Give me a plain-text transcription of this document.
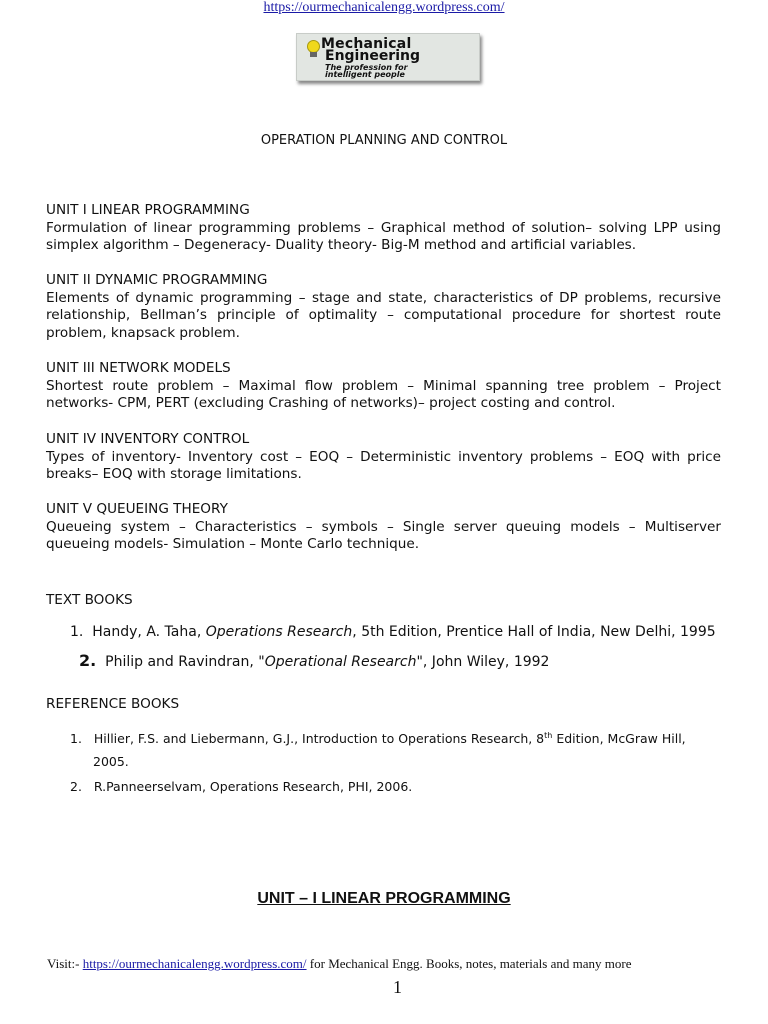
https://ourmechanicalengg.wordpress.com/
Mechanical
Engineering
The profession for
intelligent people
OPERATION PLANNING AND CONTROL
UNIT I LINEAR PROGRAMMING
Formulation of linear programming problems – Graphical method of solution– solving LPP using simplex algorithm – Degeneracy- Duality theory- Big-M method and artificial variables.
UNIT II DYNAMIC PROGRAMMING
Elements of dynamic programming – stage and state, characteristics of DP problems, recursive relationship, Bellman’s principle of optimality – computational procedure for shortest route problem, knapsack problem.
UNIT III NETWORK MODELS
Shortest route problem – Maximal flow problem – Minimal spanning tree problem – Project networks- CPM, PERT (excluding Crashing of networks)– project costing and control.
UNIT IV INVENTORY CONTROL
Types of inventory- Inventory cost – EOQ – Deterministic inventory problems – EOQ with price breaks– EOQ with storage limitations.
UNIT V QUEUEING THEORY
Queueing system – Characteristics – symbols – Single server queuing models – Multiserver queueing models- Simulation – Monte Carlo technique.
TEXT BOOKS
1. Handy, A. Taha, Operations Research, 5th Edition, Prentice Hall of India, New Delhi, 1995
2. Philip and Ravindran, "Operational Research", John Wiley, 1992
REFERENCE BOOKS
1. Hillier, F.S. and Liebermann, G.J., Introduction to Operations Research, 8th Edition, McGraw Hill,
2005.
2. R.Panneerselvam, Operations Research, PHI, 2006.
UNIT – I LINEAR PROGRAMMING
Visit:- https://ourmechanicalengg.wordpress.com/ for Mechanical Engg. Books, notes, materials and many more
1
